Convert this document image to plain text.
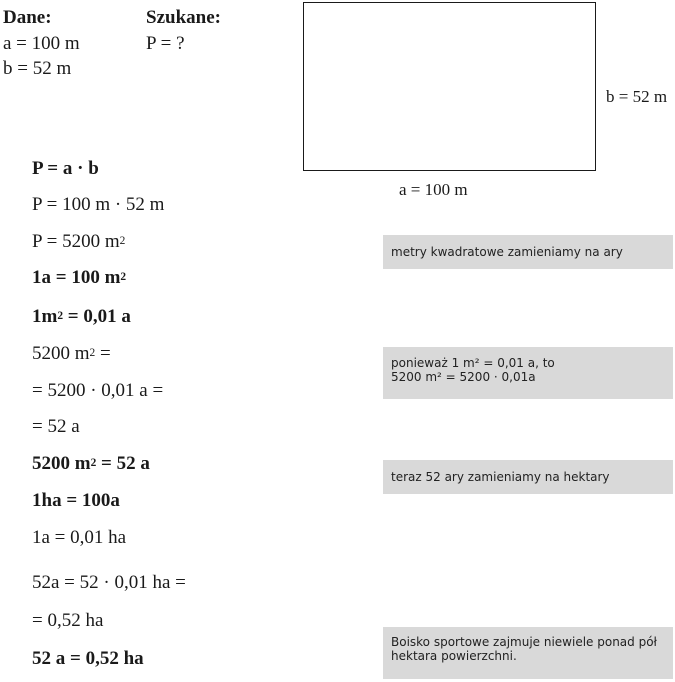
Dane:
a = 100 m
b = 52 m
Szukane:
P = ?
b = 52 m
a = 100 m
P = a · b
P = 100 m · 52 m
P = 5200 $m^2$
1a = 100 $m^2$
$1m^2 = 0,01$ a
5200 $m^2$ =
= 5200 · 0,01 a =
= 52 a
5200 $m^2 = 52$ a
1ha = 100a
1a = 0,01 ha
52a = 52 · 0,01 ha =
= 0,52 ha
52 a = 0,52 ha
metry kwadratowe zamieniamy na ary
ponieważ 1 m² = 0,01 a, to
5200 m² = 5200 · 0,01a
teraz 52 ary zamieniamy na hektary
Boisko sportowe zajmuje niewiele ponad pół
hektara powierzchni.
